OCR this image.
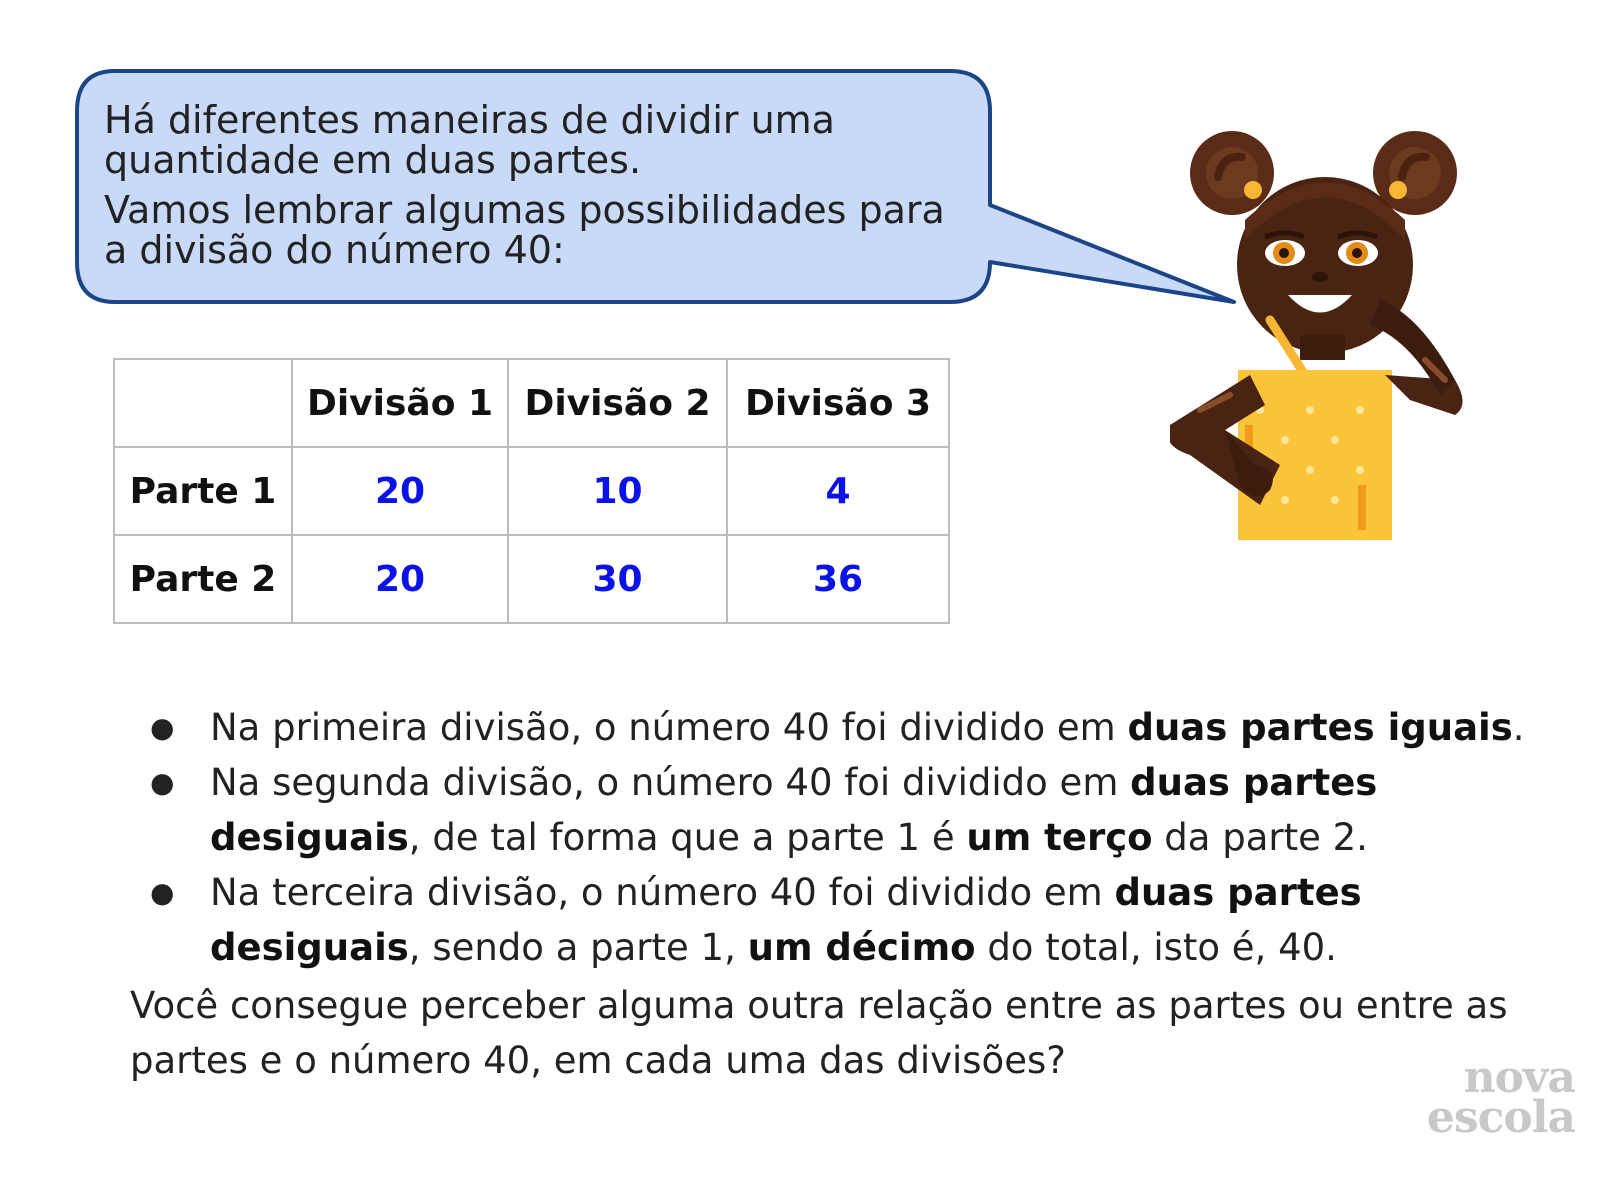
Há diferentes maneiras de dividir uma quantidade em duas partes.

Vamos lembrar algumas possibilidades para a divisão do número 40:

	Divisão 1	Divisão 2	Divisão 3
Parte 1	20	10	4
Parte 2	20	30	36
● Na primeira divisão, o número 40 foi dividido em duas partes iguais.
● Na segunda divisão, o número 40 foi dividido em duas partes desiguais, de tal forma que a parte 1 é um terço da parte 2.
● Na terceira divisão, o número 40 foi dividido em duas partes desiguais, sendo a parte 1, um décimo do total, isto é, 40.

Você consegue perceber alguma outra relação entre as partes ou entre as partes e o número 40, em cada uma das divisões?	nova
escola
